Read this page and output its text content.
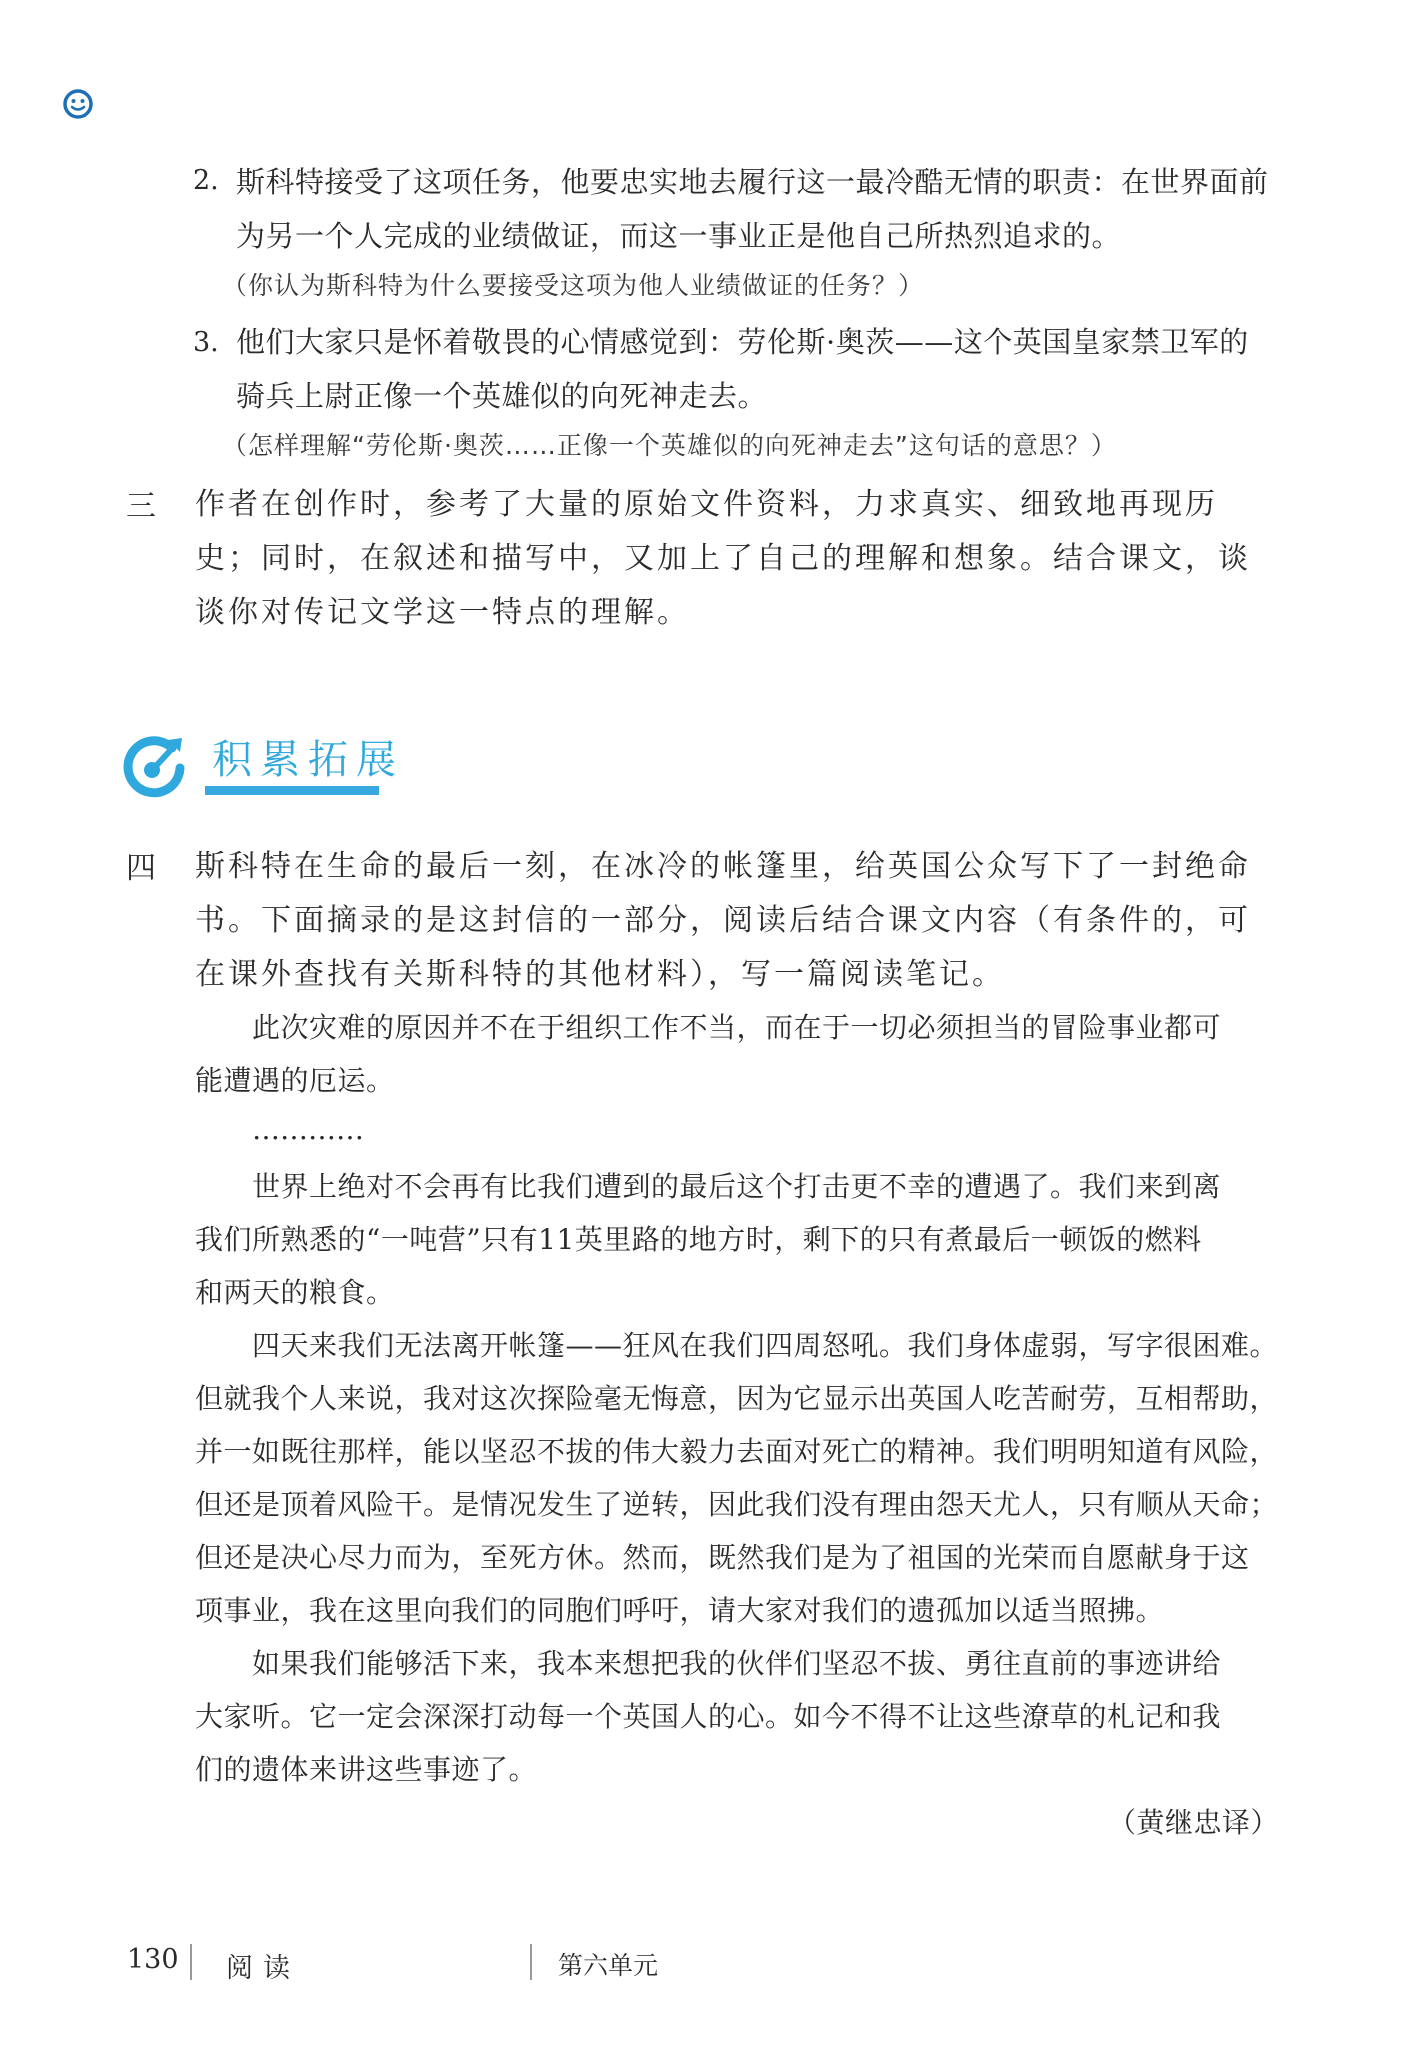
2. 斯科特接受了这项任务，他要忠实地去履行这一最冷酷无情的职责：在世界面前
为另一个人完成的业绩做证，而这一事业正是他自己所热烈追求的。
（你认为斯科特为什么要接受这项为他人业绩做证的任务？）
3. 他们大家只是怀着敬畏的心情感觉到：劳伦斯·奥茨——这个英国皇家禁卫军的
骑兵上尉正像一个英雄似的向死神走去。
（怎样理解“劳伦斯·奥茨……正像一个英雄似的向死神走去”这句话的意思？）
三 作者在创作时，参考了大量的原始文件资料，力求真实、细致地再现历
史；同时，在叙述和描写中，又加上了自己的理解和想象。结合课文，谈
谈你对传记文学这一特点的理解。
积累拓展
四 斯科特在生命的最后一刻，在冰冷的帐篷里，给英国公众写下了一封绝命
书。下面摘录的是这封信的一部分，阅读后结合课文内容（有条件的，可
在课外查找有关斯科特的其他材料），写一篇阅读笔记。
此次灾难的原因并不在于组织工作不当，而在于一切必须担当的冒险事业都可
能遭遇的厄运。
…………
世界上绝对不会再有比我们遭到的最后这个打击更不幸的遭遇了。我们来到离
我们所熟悉的“一吨营”只有11英里路的地方时，剩下的只有煮最后一顿饭的燃料
和两天的粮食。
四天来我们无法离开帐篷——狂风在我们四周怒吼。我们身体虚弱，写字很困难。
但就我个人来说，我对这次探险毫无悔意，因为它显示出英国人吃苦耐劳，互相帮助，
并一如既往那样，能以坚忍不拔的伟大毅力去面对死亡的精神。我们明明知道有风险，
但还是顶着风险干。是情况发生了逆转，因此我们没有理由怨天尤人，只有顺从天命；
但还是决心尽力而为，至死方休。然而，既然我们是为了祖国的光荣而自愿献身于这
项事业，我在这里向我们的同胞们呼吁，请大家对我们的遗孤加以适当照拂。
如果我们能够活下来，我本来想把我的伙伴们坚忍不拔、勇往直前的事迹讲给
大家听。它一定会深深打动每一个英国人的心。如今不得不让这些潦草的札记和我
们的遗体来讲这些事迹了。
（黄继忠译）
130 阅读	第六单元
